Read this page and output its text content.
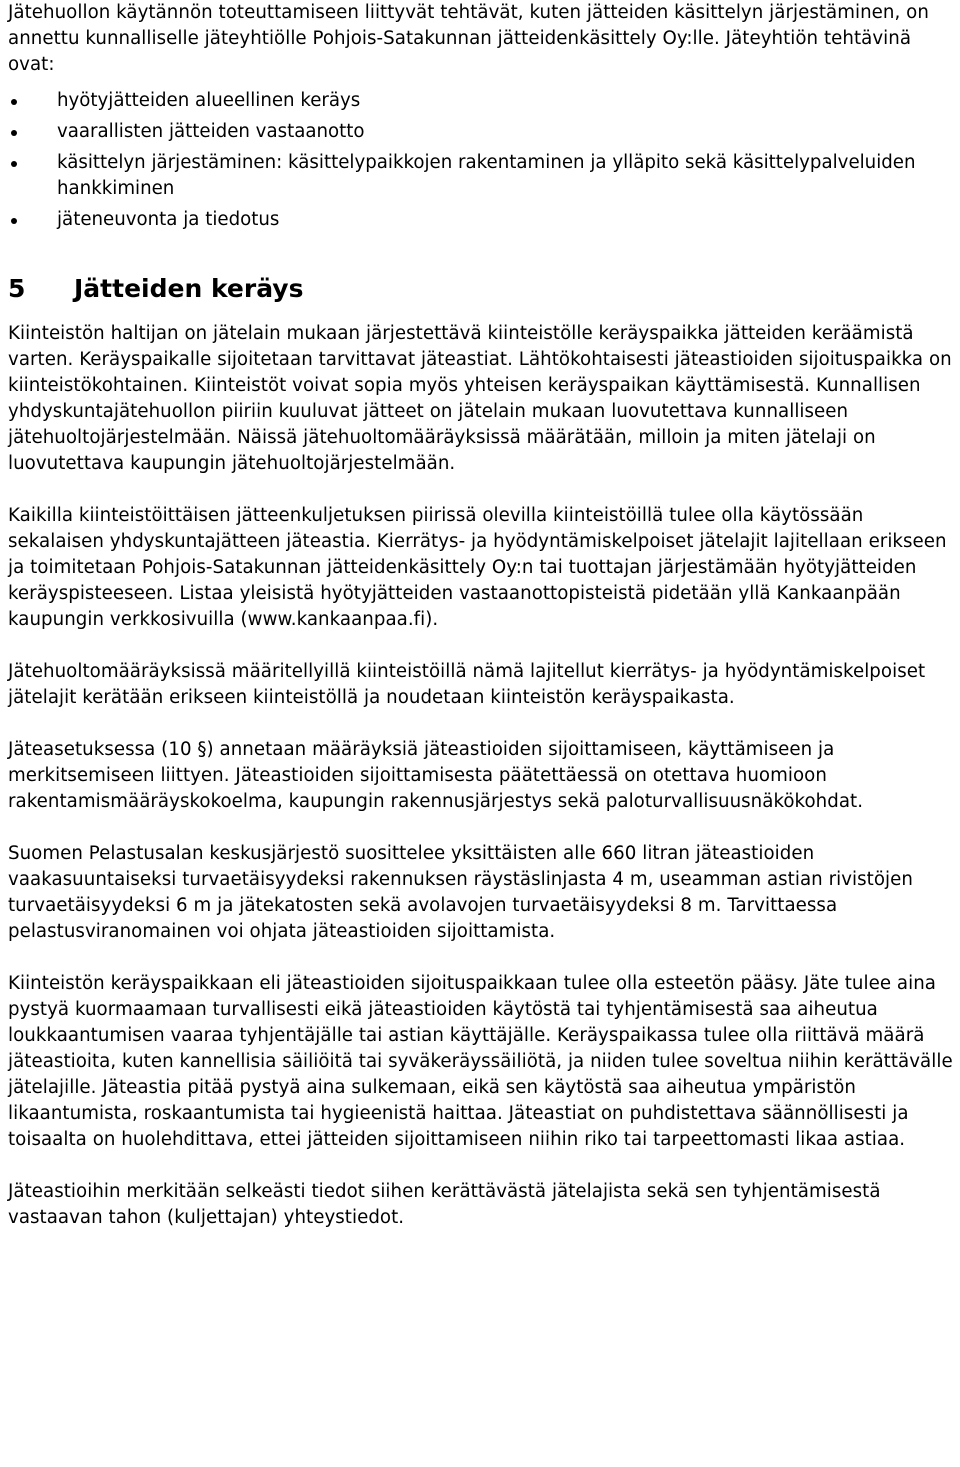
Jätehuollon käytännön toteuttamiseen liittyvät tehtävät, kuten jätteiden käsittelyn järjestäminen, on annettu kunnalliselle jäteyhtiölle Pohjois-Satakunnan jätteidenkäsittely Oy:lle. Jäteyhtiön tehtävinä ovat:

hyötyjätteiden alueellinen keräys
vaarallisten jätteiden vastaanotto
käsittelyn järjestäminen: käsittelypaikkojen rakentaminen ja ylläpito sekä käsittelypalveluiden hankkiminen
jäteneuvonta ja tiedotus
5 Jätteiden keräys

Kiinteistön haltijan on jätelain mukaan järjestettävä kiinteistölle keräyspaikka jätteiden keräämistä varten. Keräyspaikalle sijoitetaan tarvittavat jäteastiat. Lähtökohtaisesti jäteastioiden sijoituspaikka on kiinteistökohtainen. Kiinteistöt voivat sopia myös yhteisen keräyspaikan käyttämisestä. Kunnallisen yhdyskuntajätehuollon piiriin kuuluvat jätteet on jätelain mukaan luovutettava kunnalliseen jätehuoltojärjestelmään. Näissä jätehuoltomääräyksissä määrätään, milloin ja miten jätelaji on luovutettava kaupungin jätehuoltojärjestelmään.

Kaikilla kiinteistöittäisen jätteenkuljetuksen piirissä olevilla kiinteistöillä tulee olla käytössään sekalaisen yhdyskuntajätteen jäteastia. Kierrätys- ja hyödyntämiskelpoiset jätelajit lajitellaan erikseen ja toimitetaan Pohjois-Satakunnan jätteidenkäsittely Oy:n tai tuottajan järjestämään hyötyjätteiden keräyspisteeseen. Listaa yleisistä hyötyjätteiden vastaanottopisteistä pidetään yllä Kankaanpään kaupungin verkkosivuilla (www.kankaanpaa.fi).

Jätehuoltomääräyksissä määritellyillä kiinteistöillä nämä lajitellut kierrätys- ja hyödyntämiskelpoiset jätelajit kerätään erikseen kiinteistöllä ja noudetaan kiinteistön keräyspaikasta.

Jäteasetuksessa (10 §) annetaan määräyksiä jäteastioiden sijoittamiseen, käyttämiseen ja merkitsemiseen liittyen. Jäteastioiden sijoittamisesta päätettäessä on otettava huomioon rakentamismääräyskokoelma, kaupungin rakennusjärjestys sekä paloturvallisuusnäkökohdat.

Suomen Pelastusalan keskusjärjestö suosittelee yksittäisten alle 660 litran jäteastioiden vaakasuuntaiseksi turvaetäisyydeksi rakennuksen räystäslinjasta 4 m, useamman astian rivistöjen turvaetäisyydeksi 6 m ja jätekatosten sekä avolavojen turvaetäisyydeksi 8 m. Tarvittaessa pelastusviranomainen voi ohjata jäteastioiden sijoittamista.

Kiinteistön keräyspaikkaan eli jäteastioiden sijoituspaikkaan tulee olla esteetön pääsy. Jäte tulee aina pystyä kuormaamaan turvallisesti eikä jäteastioiden käytöstä tai tyhjentämisestä saa aiheutua loukkaantumisen vaaraa tyhjentäjälle tai astian käyttäjälle. Keräyspaikassa tulee olla riittävä määrä jäteastioita, kuten kannellisia säiliöitä tai syväkeräyssäiliötä, ja niiden tulee soveltua niihin kerättävälle jätelajille. Jäteastia pitää pystyä aina sulkemaan, eikä sen käytöstä saa aiheutua ympäristön likaantumista, roskaantumista tai hygieenistä haittaa. Jäteastiat on puhdistettava säännöllisesti ja toisaalta on huolehdittava, ettei jätteiden sijoittamiseen niihin riko tai tarpeettomasti likaa astiaa.

Jäteastioihin merkitään selkeästi tiedot siihen kerättävästä jätelajista sekä sen tyhjentämisestä vastaavan tahon (kuljettajan) yhteystiedot.
